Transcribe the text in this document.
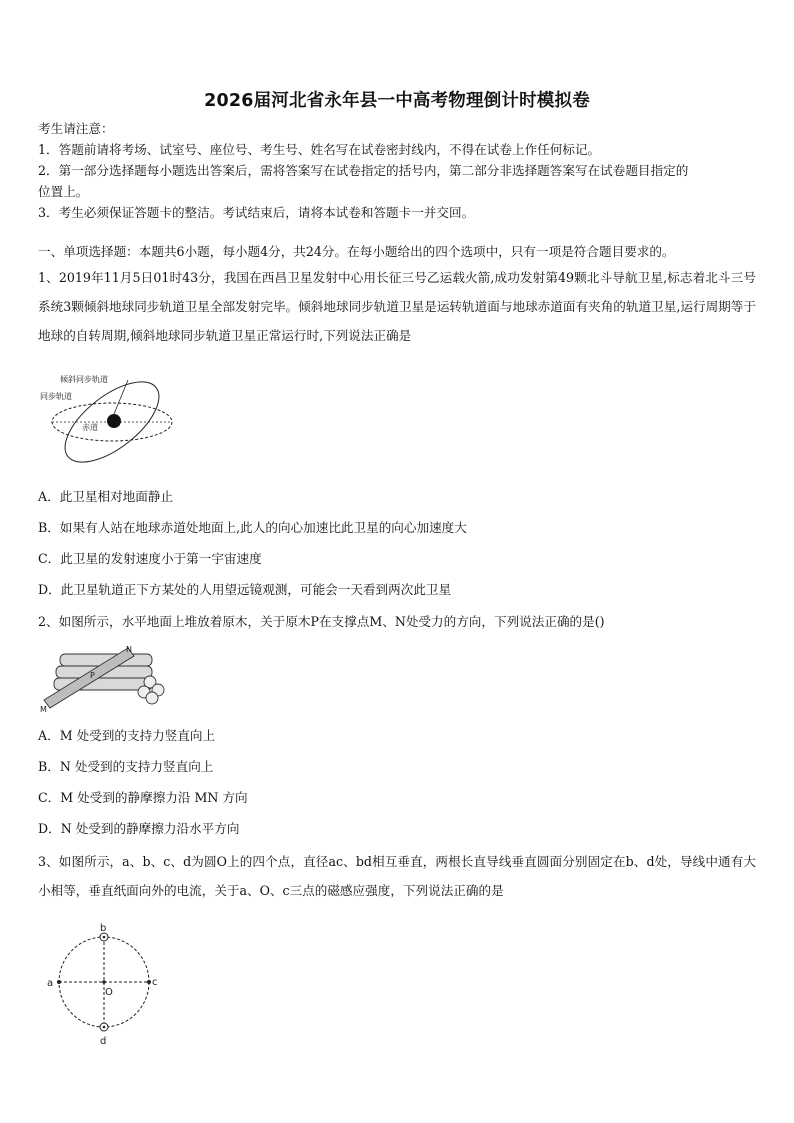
2026届河北省永年县一中高考物理倒计时模拟卷
考生请注意：
1．答题前请将考场、试室号、座位号、考生号、姓名写在试卷密封线内，不得在试卷上作任何标记。
2．第一部分选择题每小题选出答案后，需将答案写在试卷指定的括号内，第二部分非选择题答案写在试卷题目指定的
位置上。
3．考生必须保证答题卡的整洁。考试结束后，请将本试卷和答题卡一并交回。
一、单项选择题：本题共6小题，每小题4分，共24分。在每小题给出的四个选项中，只有一项是符合题目要求的。
1、2019年11月5日01时43分，我国在西昌卫星发射中心用长征三号乙运载火箭,成功发射第49颗北斗导航卫星,标志着北斗三号系统3颗倾斜地球同步轨道卫星全部发射完毕。倾斜地球同步轨道卫星是运转轨道面与地球赤道面有夹角的轨道卫星,运行周期等于地球的自转周期,倾斜地球同步轨道卫星正常运行时,下列说法正确是
倾斜同步轨道
同步轨道
赤道
A．此卫星相对地面静止
B．如果有人站在地球赤道处地面上,此人的向心加速比此卫星的向心加速度大
C．此卫星的发射速度小于第一宇宙速度
D．此卫星轨道正下方某处的人用望远镜观测，可能会一天看到两次此卫星
2、如图所示，水平地面上堆放着原木，关于原木P在支撑点M、N处受力的方向，下列说法正确的是()
N
P
M
A．M 处受到的支持力竖直向上
B．N 处受到的支持力竖直向上
C．M 处受到的静摩擦力沿 MN 方向
D．N 处受到的静摩擦力沿水平方向
3、如图所示，a、b、c、d为圆O上的四个点，直径ac、bd相互垂直，两根长直导线垂直圆面分别固定在b、d处，导线中通有大小相等，垂直纸面向外的电流，关于a、O、c三点的磁感应强度，下列说法正确的是
b
d
a	c
O
